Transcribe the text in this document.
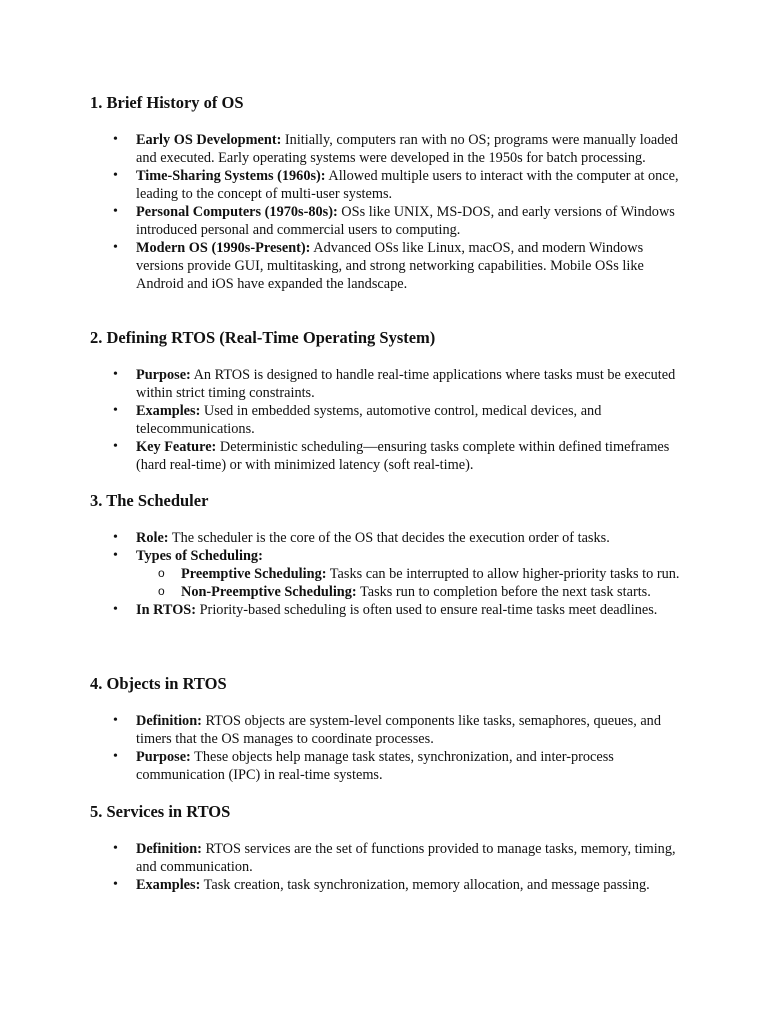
1. Brief History of OS
• Early OS Development: Initially, computers ran with no OS; programs were manually loaded and executed. Early operating systems were developed in the 1950s for batch processing.
• Time-Sharing Systems (1960s): Allowed multiple users to interact with the computer at once, leading to the concept of multi-user systems.
• Personal Computers (1970s-80s): OSs like UNIX, MS-DOS, and early versions of Windows introduced personal and commercial users to computing.
• Modern OS (1990s-Present): Advanced OSs like Linux, macOS, and modern Windows versions provide GUI, multitasking, and strong networking capabilities. Mobile OSs like Android and iOS have expanded the landscape.
2. Defining RTOS (Real-Time Operating System)
• Purpose: An RTOS is designed to handle real-time applications where tasks must be executed within strict timing constraints.
• Examples: Used in embedded systems, automotive control, medical devices, and telecommunications.
• Key Feature: Deterministic scheduling—ensuring tasks complete within defined timeframes (hard real-time) or with minimized latency (soft real-time).
3. The Scheduler
• Role: The scheduler is the core of the OS that decides the execution order of tasks.
• Types of Scheduling:
o Preemptive Scheduling: Tasks can be interrupted to allow higher-priority tasks to run.
o Non-Preemptive Scheduling: Tasks run to completion before the next task starts.
• In RTOS: Priority-based scheduling is often used to ensure real-time tasks meet deadlines.
4. Objects in RTOS
• Definition: RTOS objects are system-level components like tasks, semaphores, queues, and timers that the OS manages to coordinate processes.
• Purpose: These objects help manage task states, synchronization, and inter-process communication (IPC) in real-time systems.
5. Services in RTOS
• Definition: RTOS services are the set of functions provided to manage tasks, memory, timing, and communication.
• Examples: Task creation, task synchronization, memory allocation, and message passing.
